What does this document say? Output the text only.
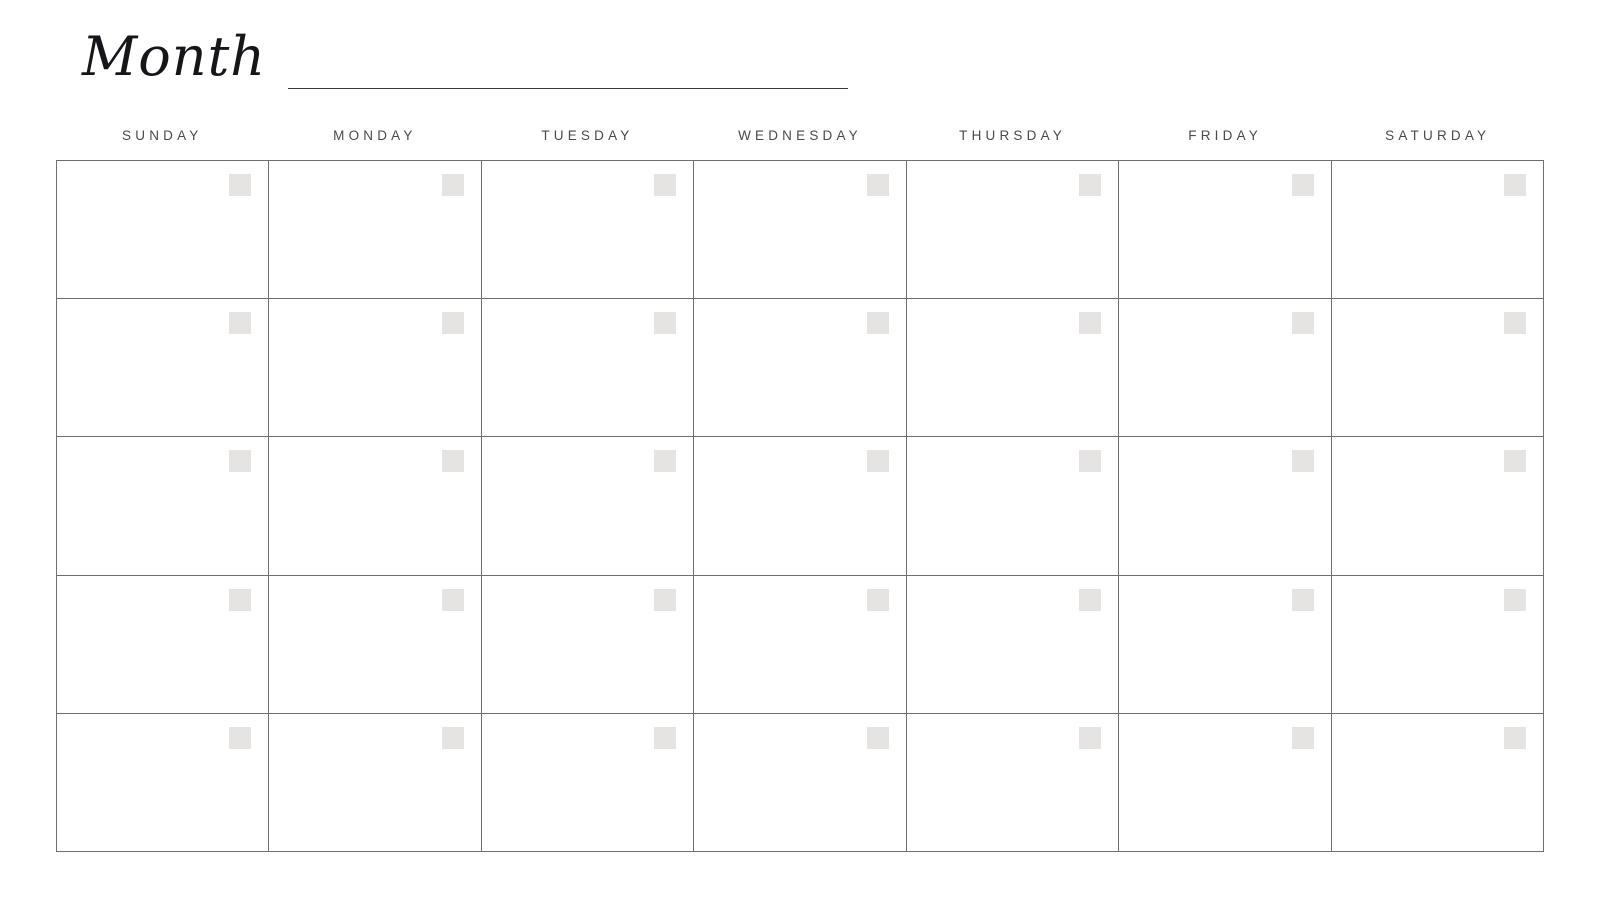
Month
SUNDAY	MONDAY	TUESDAY	WEDNESDAY	THURSDAY	FRIDAY	SATURDAY
